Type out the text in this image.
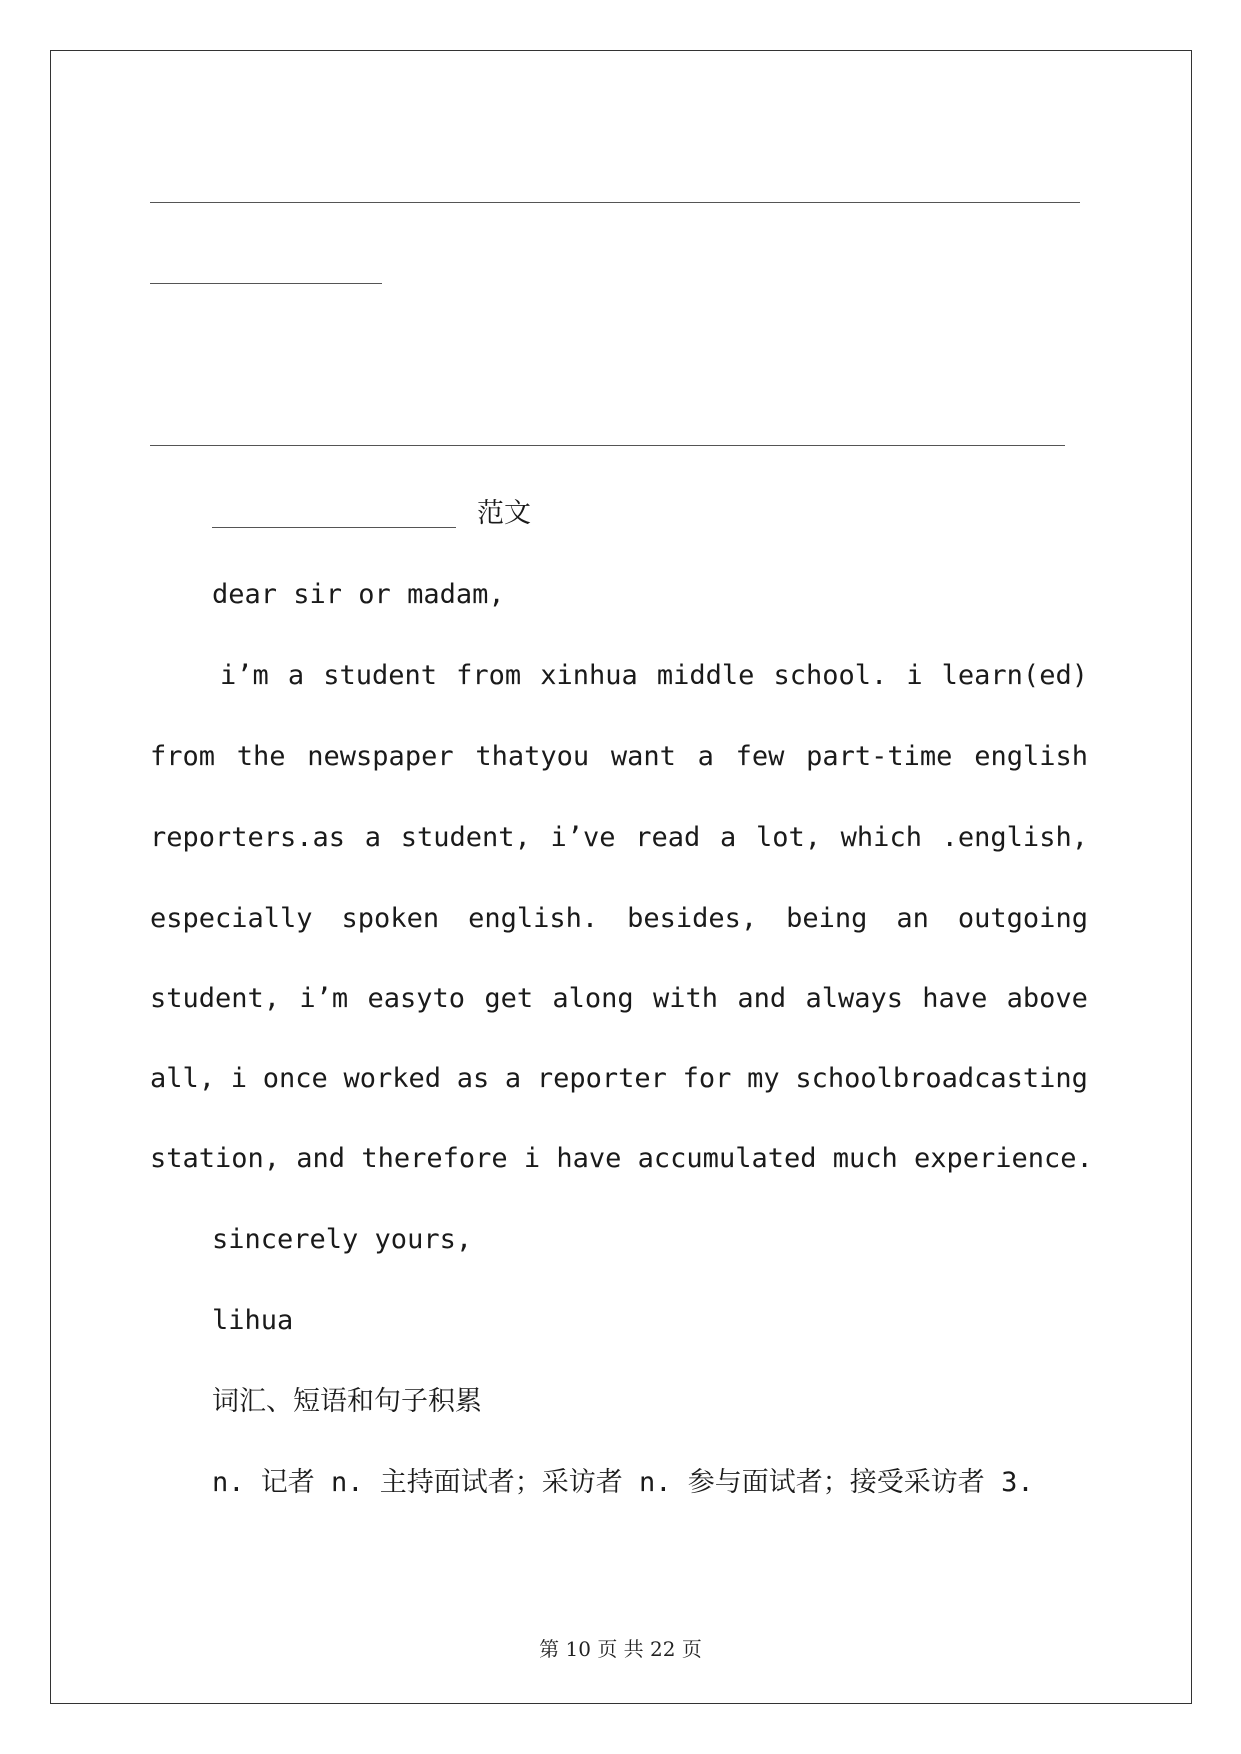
范文
dear sir or madam,
station, and therefore i have accumulated much experience.
sincerely yours,
lihua
词汇、短语和句子积累
n. 记者 n. 主持面试者；采访者 n. 参与面试者；接受采访者 3.
第 10 页 共 22 页
i’m a student from xinhua middle school. i learn(ed)
from the newspaper thatyou want a few part-time english
reporters.as a student, i’ve read a lot, which .english,
especially spoken english. besides, being an outgoing
student, i’m easyto get along with and always have above
all, i once worked as a reporter for my schoolbroadcasting
